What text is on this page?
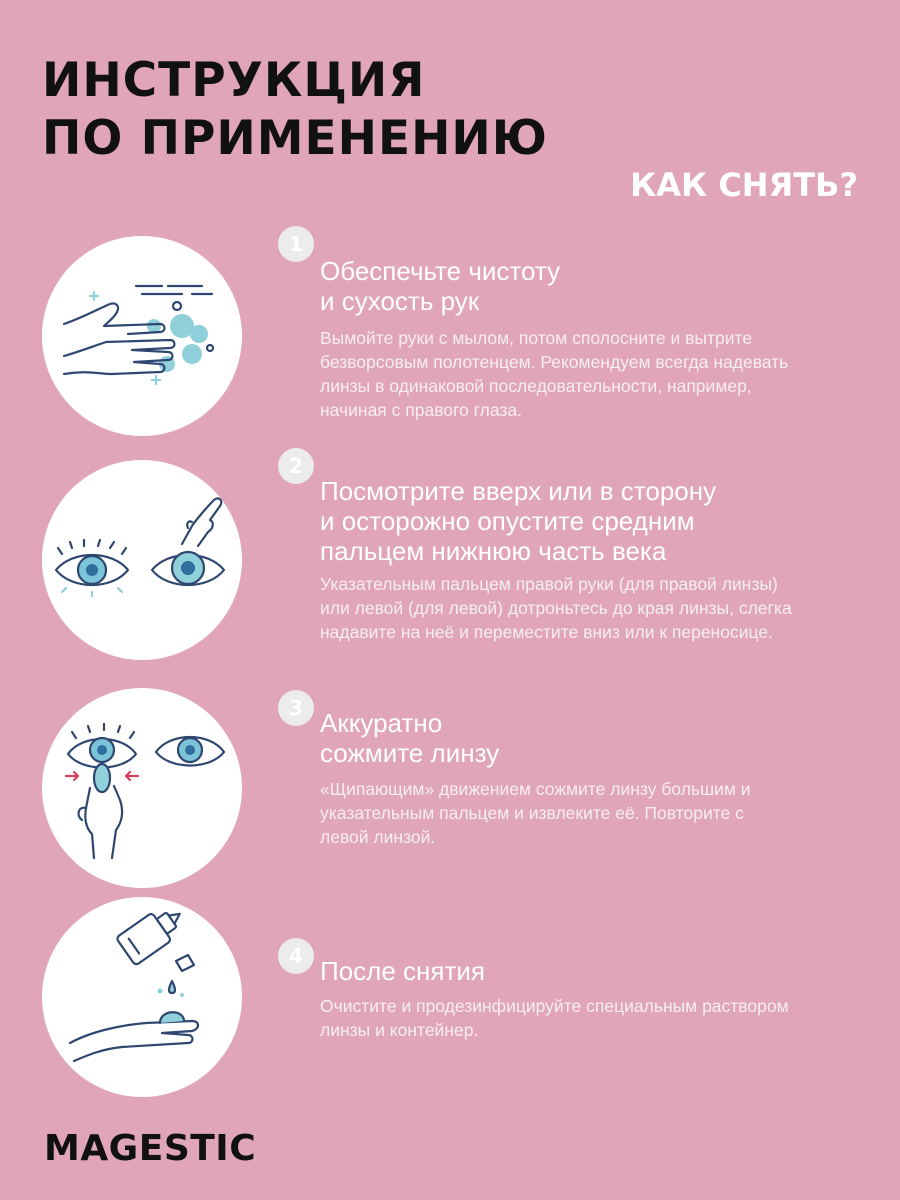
ИНСТРУКЦИЯ
ПО ПРИМЕНЕНИЮ
КАК СНЯТЬ?
1
Обеспечьте чистоту
и сухость рук

Вымойте руки с мылом, потом сполосните и вытрите
безворсовым полотенцем. Рекомендуем всегда надевать
линзы в одинаковой последовательности, например,
начиная с правого глаза.

2
Посмотрите вверх или в сторону
и осторожно опустите средним
пальцем нижнюю часть века

Указательным пальцем правой руки (для правой линзы)
или левой (для левой) дотроньтесь до края линзы, слегка
надавите на неё и переместите вниз или к переносице.

3 Аккуратно
сожмите линзу

«Щипающим» движением сожмите линзу большим и
указательным пальцем и извлеките её. Повторите с
левой линзой.

4 После снятия

Очистите и продезинфицируйте специальным раствором
линзы и контейнер.

MAGESTIC
